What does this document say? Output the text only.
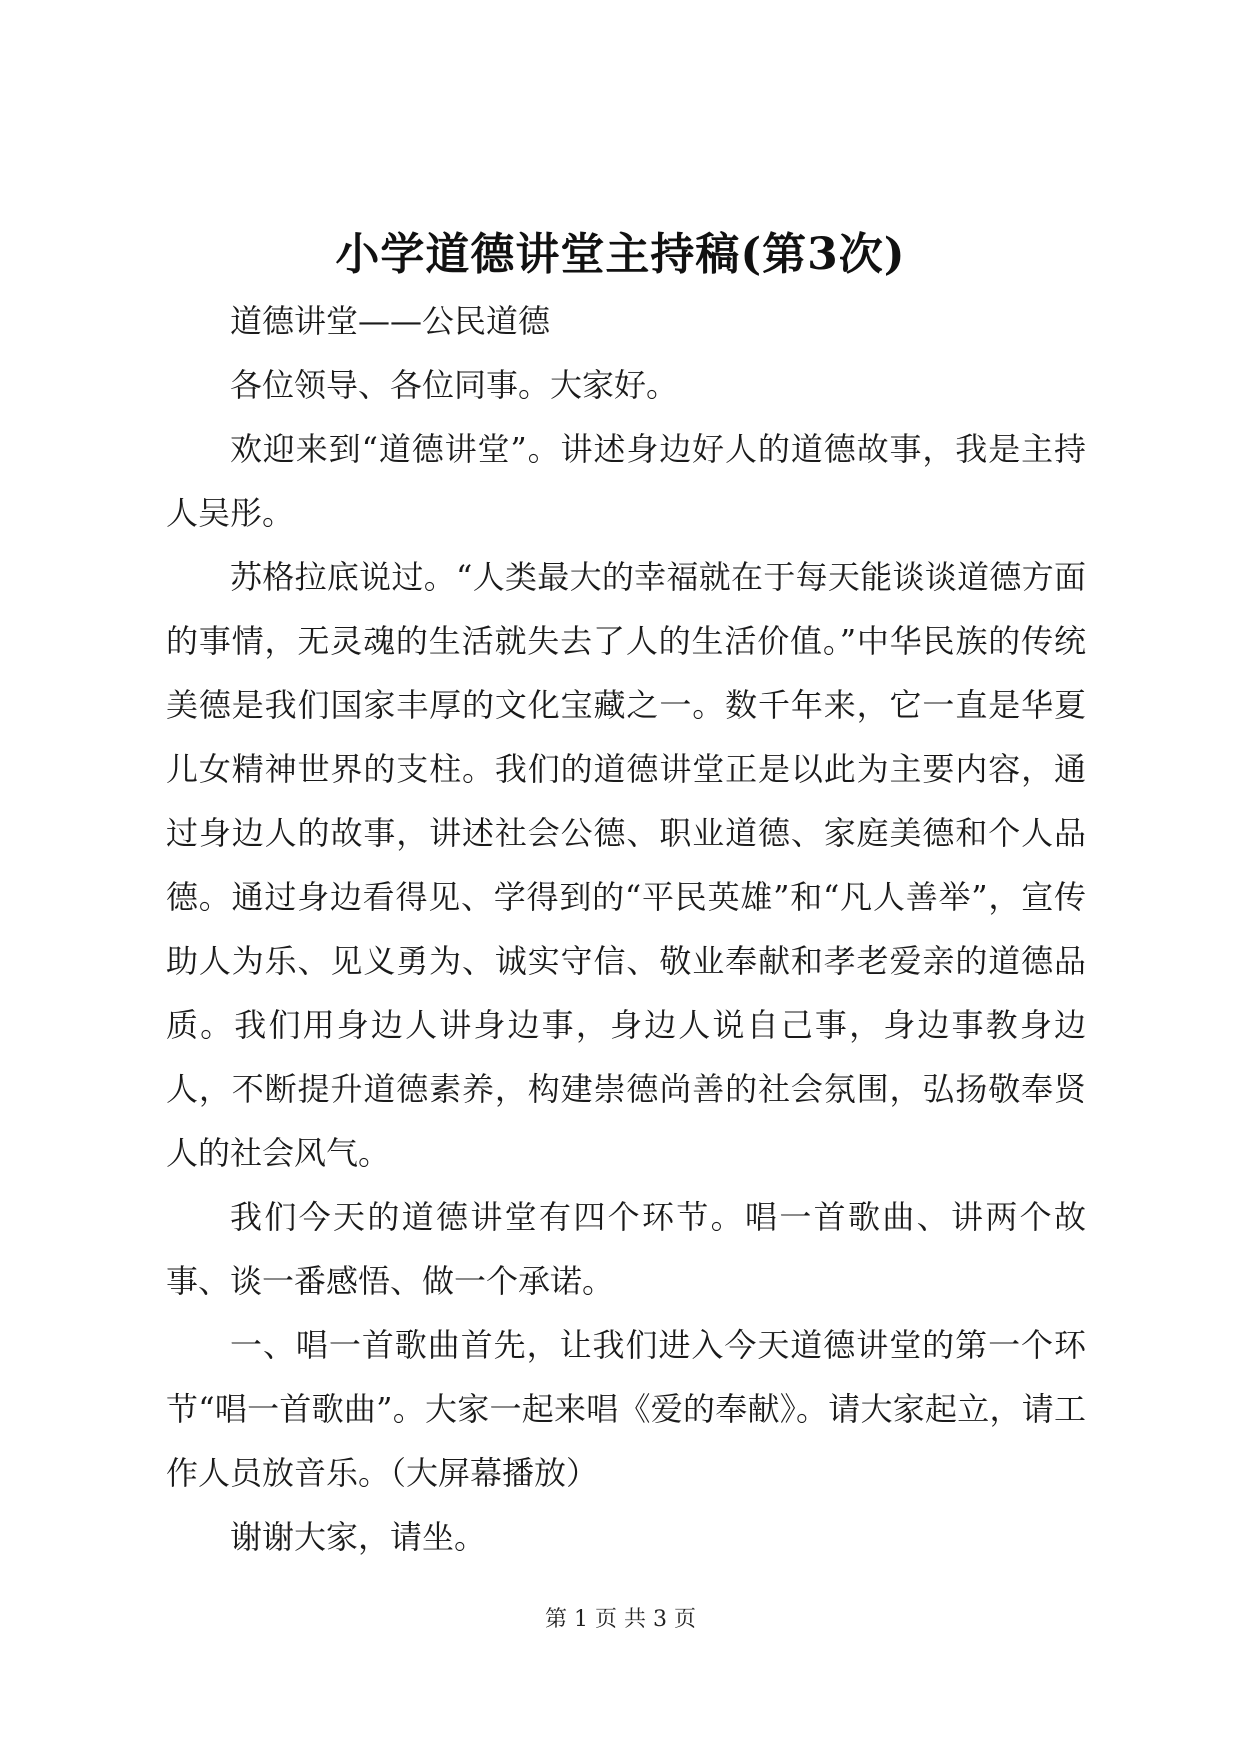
小学道德讲堂主持稿(第3次)

道德讲堂——公民道德

各位领导、各位同事。大家好。

欢迎来到“道德讲堂”。讲述身边好人的道德故事，我是主持人吴彤。

苏格拉底说过。“人类最大的幸福就在于每天能谈谈道德方面的事情，无灵魂的生活就失去了人的生活价值。”中华民族的传统美德是我们国家丰厚的文化宝藏之一。数千年来，它一直是华夏儿女精神世界的支柱。我们的道德讲堂正是以此为主要内容，通过身边人的故事，讲述社会公德、职业道德、家庭美德和个人品德。通过身边看得见、学得到的“平民英雄”和“凡人善举”，宣传助人为乐、见义勇为、诚实守信、敬业奉献和孝老爱亲的道德品质。我们用身边人讲身边事，身边人说自己事，身边事教身边人，不断提升道德素养，构建崇德尚善的社会氛围，弘扬敬奉贤人的社会风气。

我们今天的道德讲堂有四个环节。唱一首歌曲、讲两个故事、谈一番感悟、做一个承诺。

一、唱一首歌曲首先，让我们进入今天道德讲堂的第一个环节“唱一首歌曲”。大家一起来唱《爱的奉献》。请大家起立，请工作人员放音乐。（大屏幕播放）

谢谢大家，请坐。

第 1 页 共 3 页
